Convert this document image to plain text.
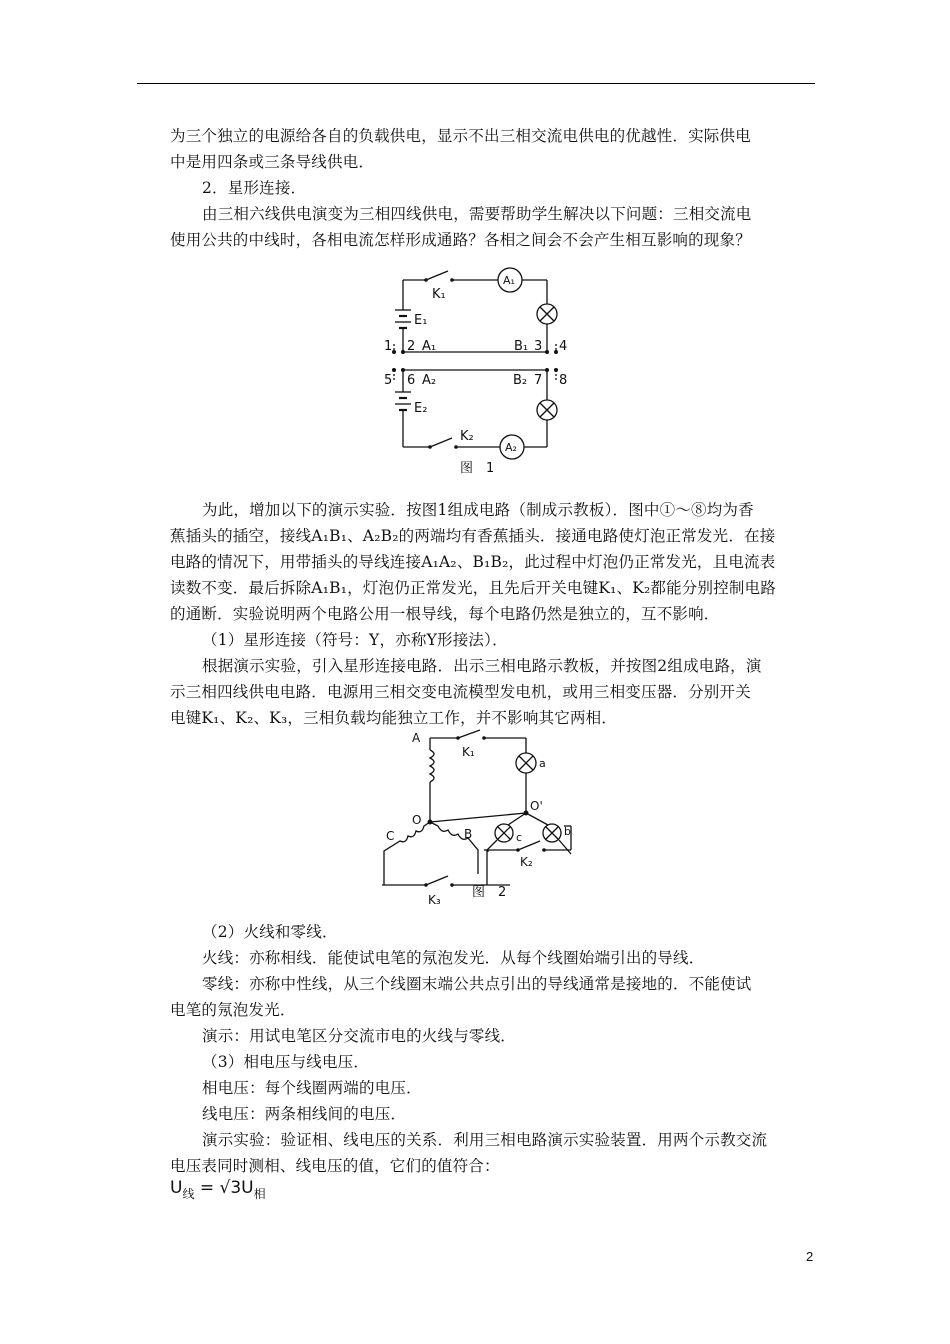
为三个独立的电源给各自的负载供电，显示不出三相交流电供电的优越性．实际供电
中是用四条或三条导线供电．
2．星形连接．
由三相六线供电演变为三相四线供电，需要帮助学生解决以下问题：三相交流电
使用公共的中线时，各相电流怎样形成通路？各相之间会不会产生相互影响的现象？
K₁
A₁
E₁
1 2 A₁	B₁ 3 4
5 6 A₂	B₂ 7 8
E₂
K₂
A₂
图　1
为此，增加以下的演示实验．按图1组成电路（制成示教板）．图中①～⑧均为香
蕉插头的插空，接线A₁B₁、A₂B₂的两端均有香蕉插头．接通电路使灯泡正常发光．在接
电路的情况下，用带插头的导线连接A₁A₂、B₁B₂，此过程中灯泡仍正常发光，且电流表
读数不变．最后拆除A₁B₁，灯泡仍正常发光，且先后开关电键K₁、K₂都能分别控制电路
的通断．实验说明两个电路公用一根导线，每个电路仍然是独立的，互不影响．
（1）星形连接（符号：Y，亦称Y形接法）．
根据演示实验，引入星形连接电路．出示三相电路示教板，并按图2组成电路，演
示三相四线供电电路．电源用三相交变电流模型发电机，或用三相变压器．分别开关
电键K₁、K₂、K₃，三相负载均能独立工作，并不影响其它两相．
A
K₁
a
O
O'
c	b
C	B
K₂
K₃ 图　2
（2）火线和零线．
火线：亦称相线．能使试电笔的氖泡发光．从每个线圈始端引出的导线．
零线：亦称中性线，从三个线圈末端公共点引出的导线通常是接地的．不能使试
电笔的氖泡发光．
演示：用试电笔区分交流市电的火线与零线．
（3）相电压与线电压．
相电压：每个线圈两端的电压．
线电压：两条相线间的电压．
演示实验：验证相、线电压的关系．利用三相电路演示实验装置．用两个示教交流
电压表同时测相、线电压的值，它们的值符合：
$U_线 = √3U_相$
2
